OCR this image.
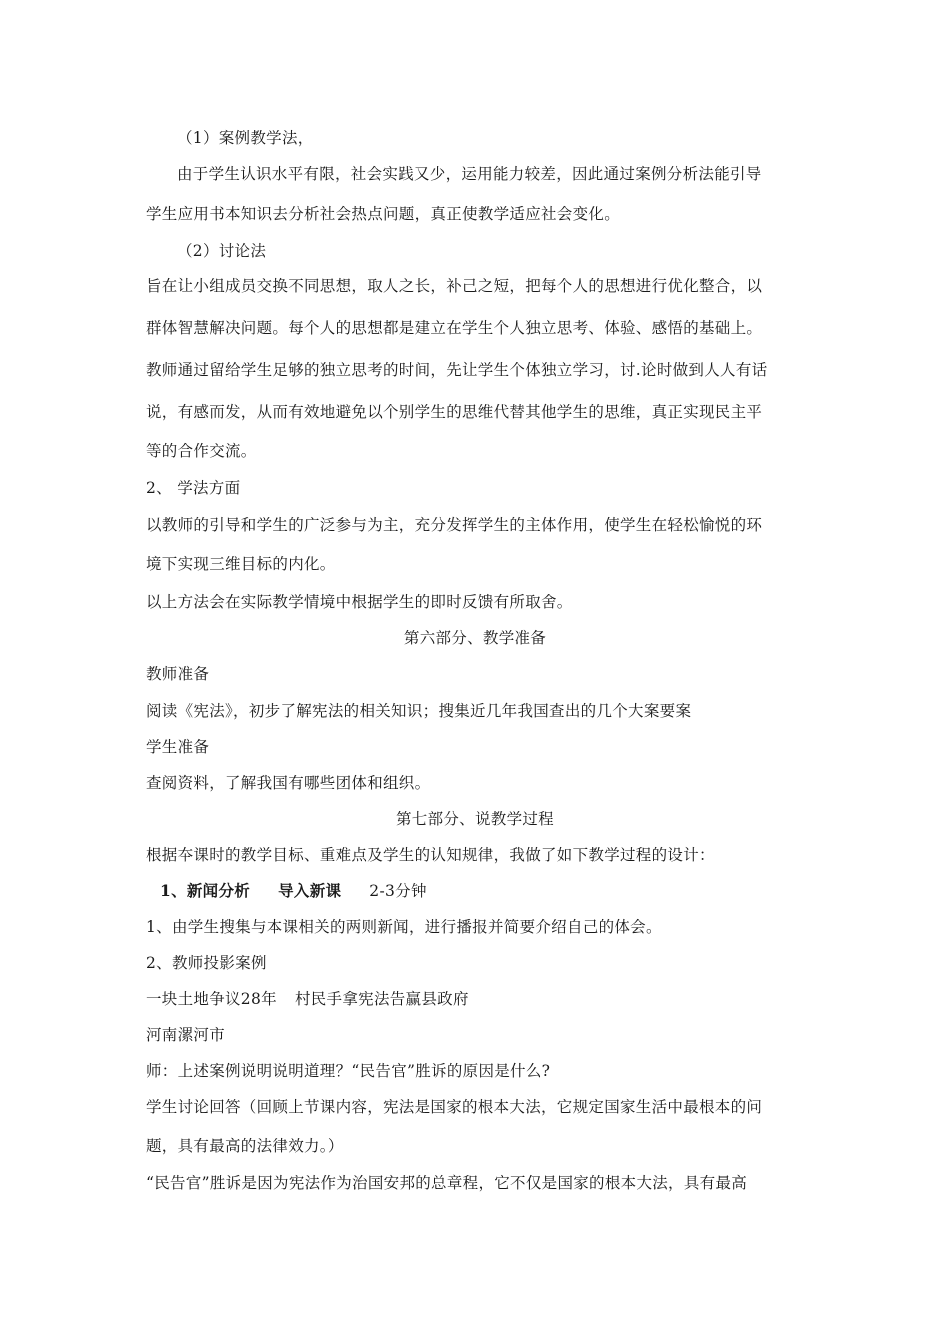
（1）案例教学法，
由于学生认识水平有限，社会实践又少，运用能力较差，因此通过案例分析法能引导
学生应用书本知识去分析社会热点问题，真正使教学适应社会变化。
（2）讨论法
旨在让小组成员交换不同思想，取人之长，补己之短，把每个人的思想进行优化整合，以
群体智慧解决问题。每个人的思想都是建立在学生个人独立思考、体验、感悟的基础上。
教师通过留给学生足够的独立思考的时间，先让学生个体独立学习，讨.论时做到人人有话
说，有感而发，从而有效地避免以个别学生的思维代替其他学生的思维，真正实现民主平
等的合作交流。
2、 学法方面
以教师的引导和学生的广泛参与为主，充分发挥学生的主体作用，使学生在轻松愉悦的环
境下实现三维目标的内化。
以上方法会在实际教学情境中根据学生的即时反馈有所取舍。
第六部分、教学准备
教师准备
阅读《宪法》，初步了解宪法的相关知识；搜集近几年我国查出的几个大案要案
学生准备
查阅资料，了解我国有哪些团体和组织。
第七部分、说教学过程
根据夲课时的教学目标、重难点及学生的认知规律，我做了如下教学过程的设计：
1、新闻分析 导入新课 2-3分钟
1、由学生搜集与本课相关的两则新闻，进行播报并简要介绍自己的体会。
2、教师投影案例
一块土地争议28年 村民手拿宪法告赢县政府
河南漯河市
师：上述案例说明说明道理？“民告官”胜诉的原因是什么?
学生讨论回答（回顾上节课内容，宪法是国家的根本大法，它规定国家生活中最根本的问
题，具有最高的法律效力。）
“民告官”胜诉是因为宪法作为治国安邦的总章程，它不仅是国家的根本大法，具有最高
